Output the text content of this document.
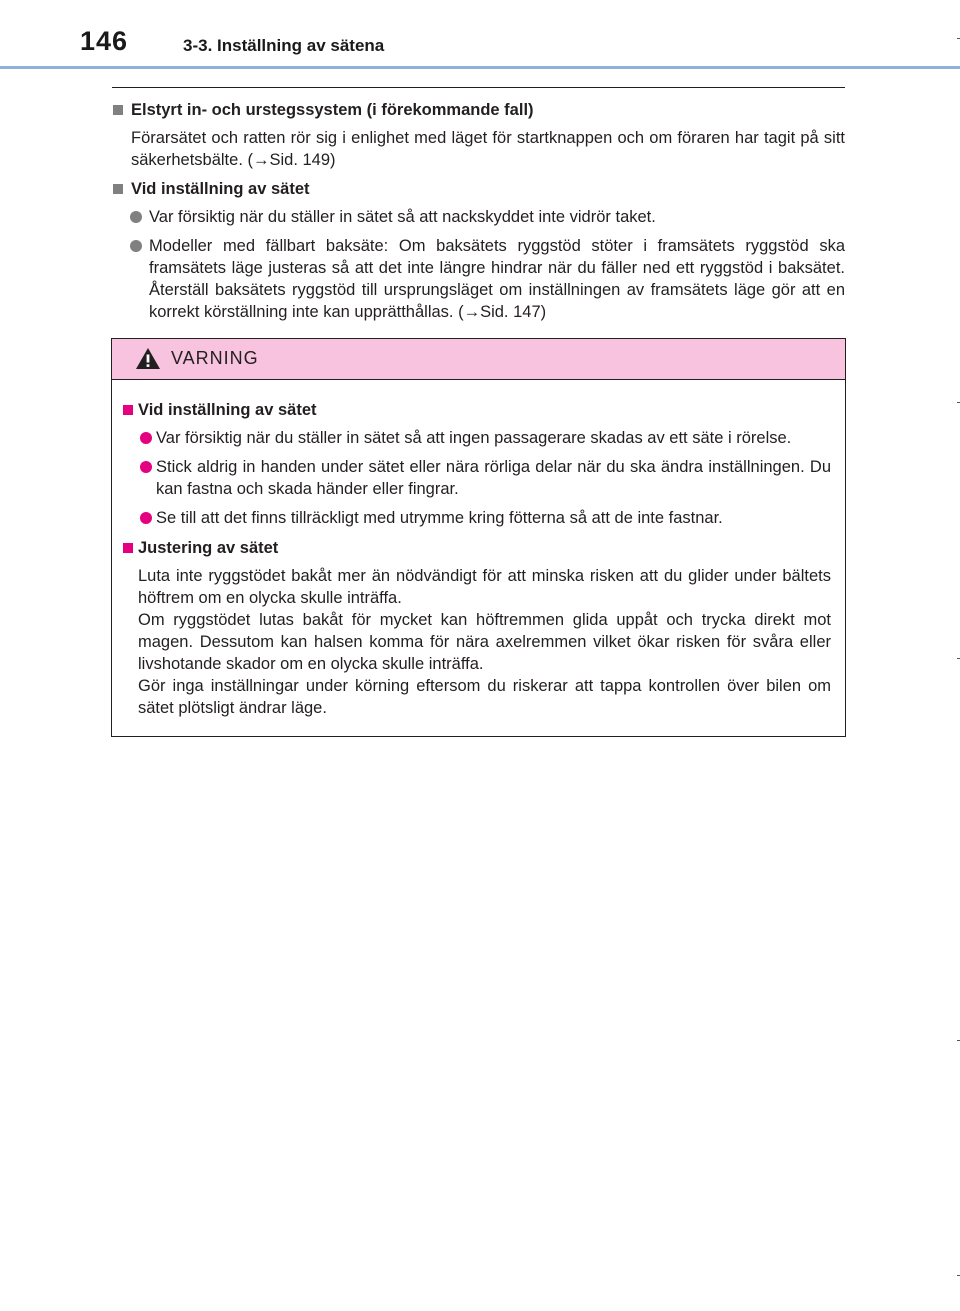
146	3-3. Inställning av sätena
Elstyrt in- och urstegssystem (i förekommande fall)
Förarsätet och ratten rör sig i enlighet med läget för startknappen och om föraren har tagit på sitt säkerhetsbälte. (→Sid. 149)
Vid inställning av sätet
Var försiktig när du ställer in sätet så att nackskyddet inte vidrör taket.
Modeller med fällbart baksäte: Om baksätets ryggstöd stöter i framsätets ryggstöd ska framsätets läge justeras så att det inte längre hindrar när du fäller ned ett ryggstöd i baksätet. Återställ baksätets ryggstöd till ursprungsläget om inställningen av framsätets läge gör att en korrekt körställning inte kan upprätthållas. (→Sid. 147)
VARNING
Vid inställning av sätet
Var försiktig när du ställer in sätet så att ingen passagerare skadas av ett säte i rörelse.
Stick aldrig in handen under sätet eller nära rörliga delar när du ska ändra inställningen. Du kan fastna och skada händer eller fingrar.
Se till att det finns tillräckligt med utrymme kring fötterna så att de inte fastnar.
Justering av sätet
Luta inte ryggstödet bakåt mer än nödvändigt för att minska risken att du glider under bältets höftrem om en olycka skulle inträffa.
Om ryggstödet lutas bakåt för mycket kan höftremmen glida uppåt och trycka direkt mot magen. Dessutom kan halsen komma för nära axelremmen vilket ökar risken för svåra eller livshotande skador om en olycka skulle inträffa.
Gör inga inställningar under körning eftersom du riskerar att tappa kontrollen över bilen om sätet plötsligt ändrar läge.
